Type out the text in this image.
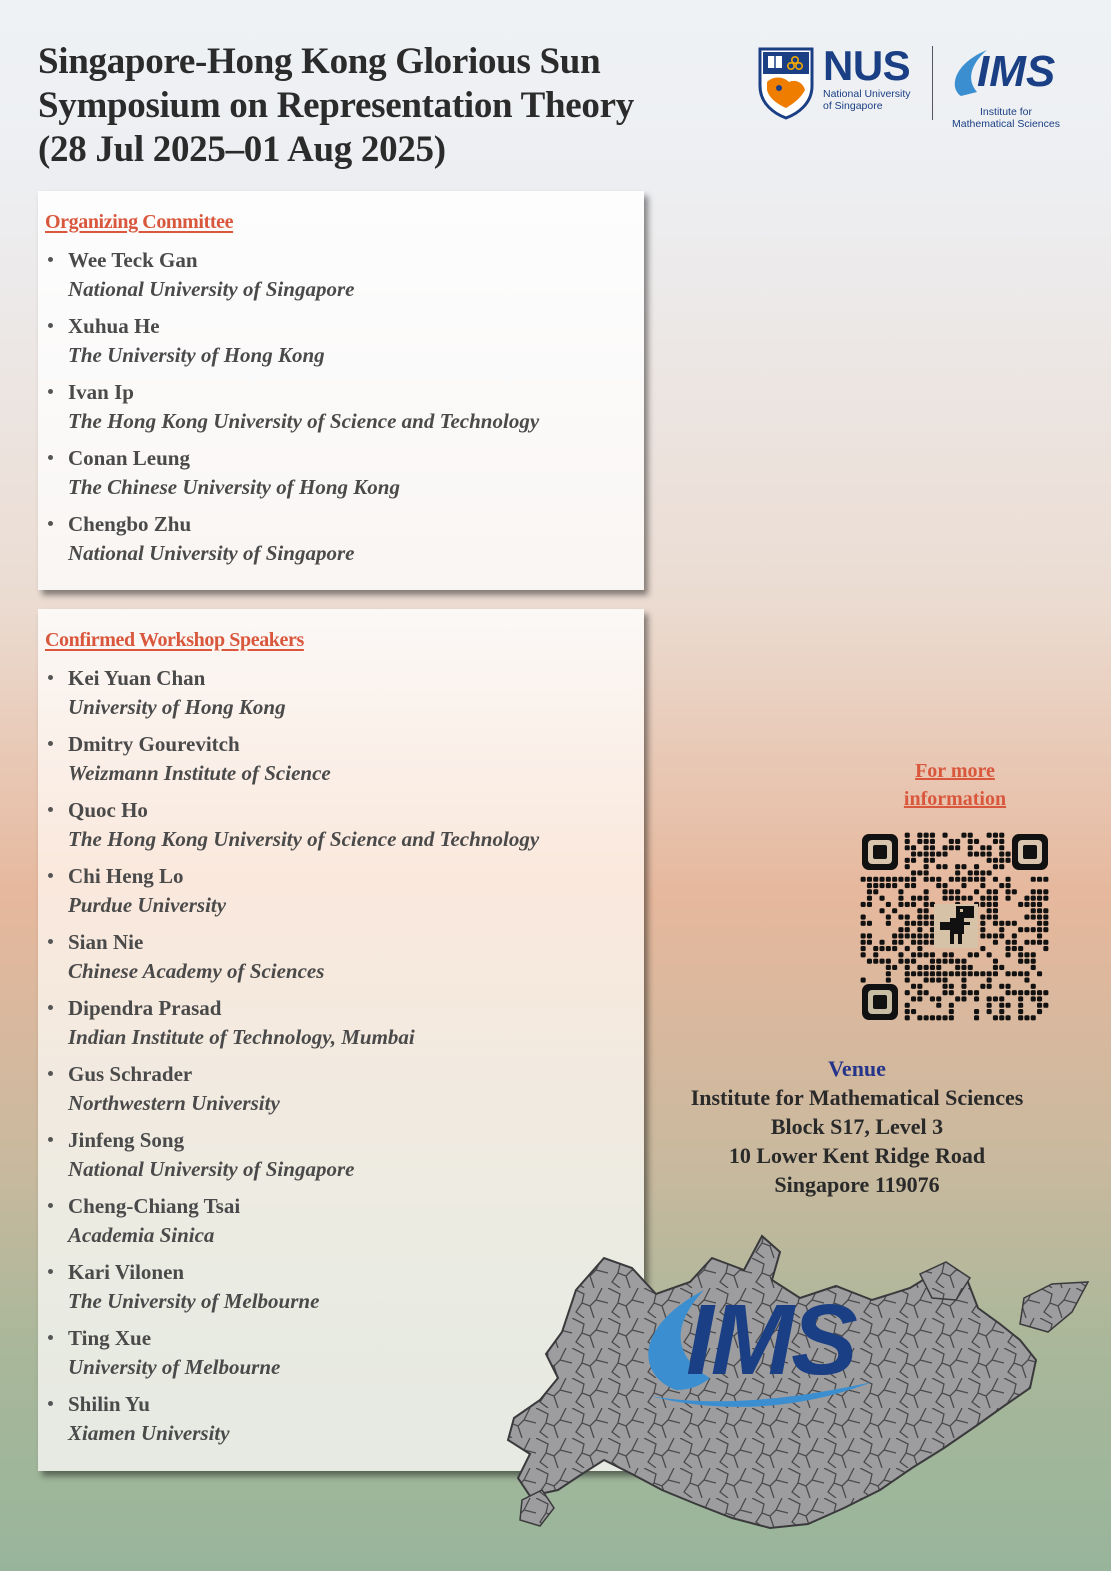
Singapore-Hong Kong Glorious Sun
Symposium on Representation Theory
(28 Jul 2025–01 Aug 2025)
NUS
National University
of Singapore
IMS
Institute for
Mathematical Sciences
Organizing Committee
Wee Teck Gan
National University of Singapore
Xuhua He
The University of Hong Kong
Ivan Ip
The Hong Kong University of Science and Technology
Conan Leung
The Chinese University of Hong Kong
Chengbo Zhu
National University of Singapore
Confirmed Workshop Speakers
Kei Yuan Chan
University of Hong Kong
Dmitry Gourevitch
Weizmann Institute of Science
Quoc Ho
The Hong Kong University of Science and Technology
Chi Heng Lo
Purdue University
Sian Nie
Chinese Academy of Sciences
Dipendra Prasad
Indian Institute of Technology, Mumbai
Gus Schrader
Northwestern University
Jinfeng Song
National University of Singapore
Cheng-Chiang Tsai
Academia Sinica
Kari Vilonen
The University of Melbourne
Ting Xue
University of Melbourne
Shilin Yu
Xiamen University
IMS
For more
information
Venue
Institute for Mathematical Sciences
Block S17, Level 3
10 Lower Kent Ridge Road
Singapore 119076
